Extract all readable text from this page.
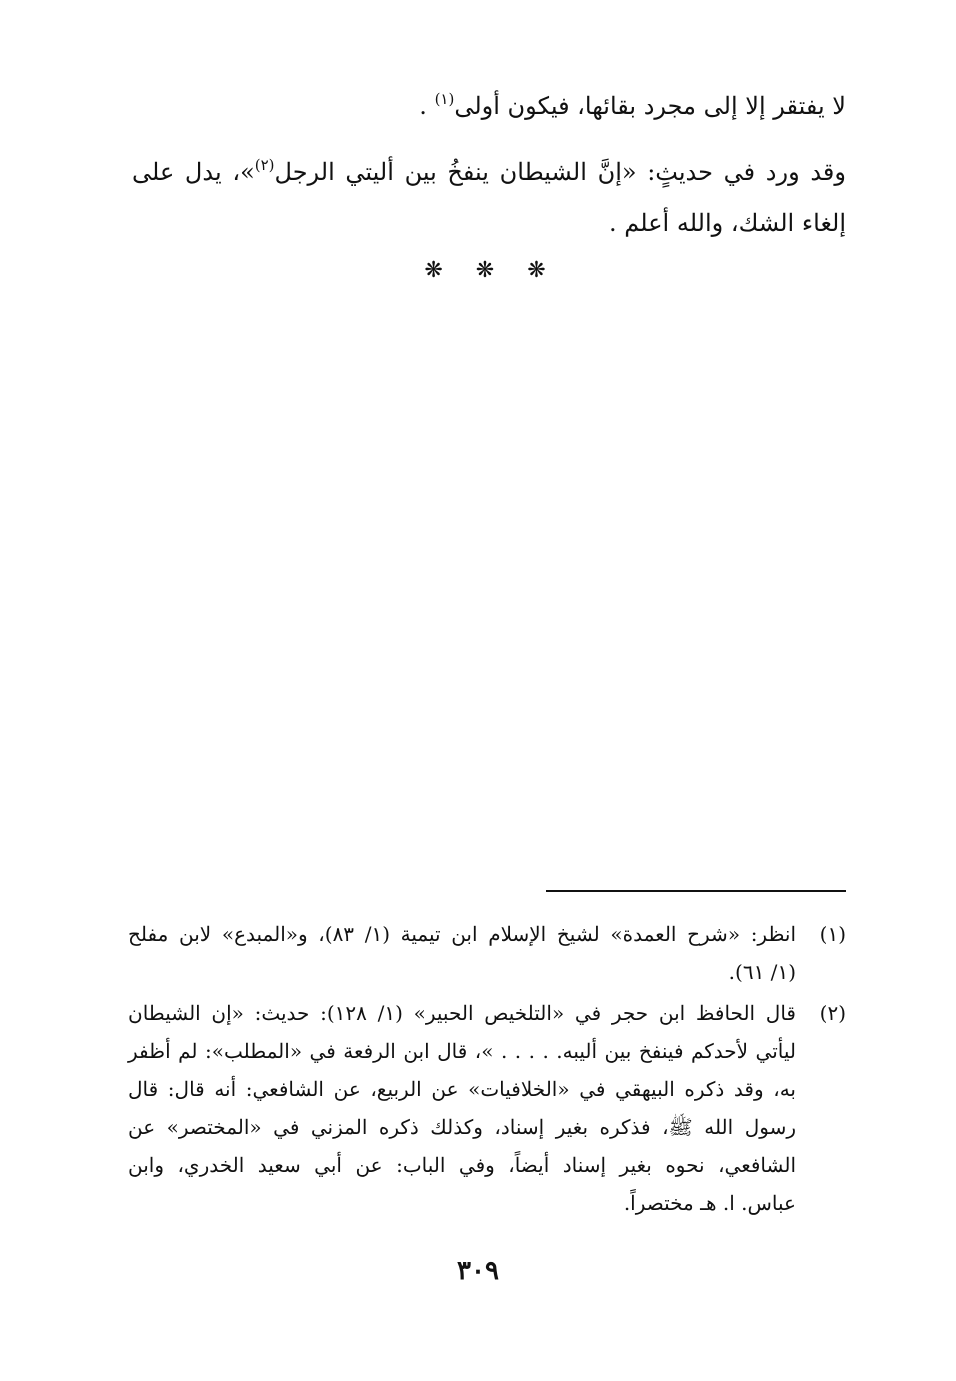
لا يفتقر إلا إلى مجرد بقائها، فيكون أولى$^{(١)}$ .
وقد ورد في حديثٍ: «إنَّ الشيطان ينفخُ بين أليتي الرجل$^{(٢)}$»، يدل على
إلغاء الشك، والله أعلم .
❋ ❋ ❋
(١)
انظر: «شرح العمدة» لشيخ الإسلام ابن تيمية (١/ ٨٣)، و«المبدع» لابن مفلح
(١/ ٦١).
(٢)
قال الحافظ ابن حجر في «التلخيص الحبير» (١/ ١٢٨): حديث: «إن الشيطان
ليأتي لأحدكم فينفخ بين أليبه. . . . . »، قال ابن الرفعة في «المطلب»: لم أظفر
به، وقد ذكره البيهقي في «الخلافيات» عن الربيع، عن الشافعي: أنه قال: قال
رسول الله ﷺ، فذكره بغير إسناد، وكذلك ذكره المزني في «المختصر» عن
الشافعي، نحوه بغير إسناد أيضاً، وفي الباب: عن أبي سعيد الخدري، وابن
عباس. ا. هـ مختصراً.
٣٠٩
